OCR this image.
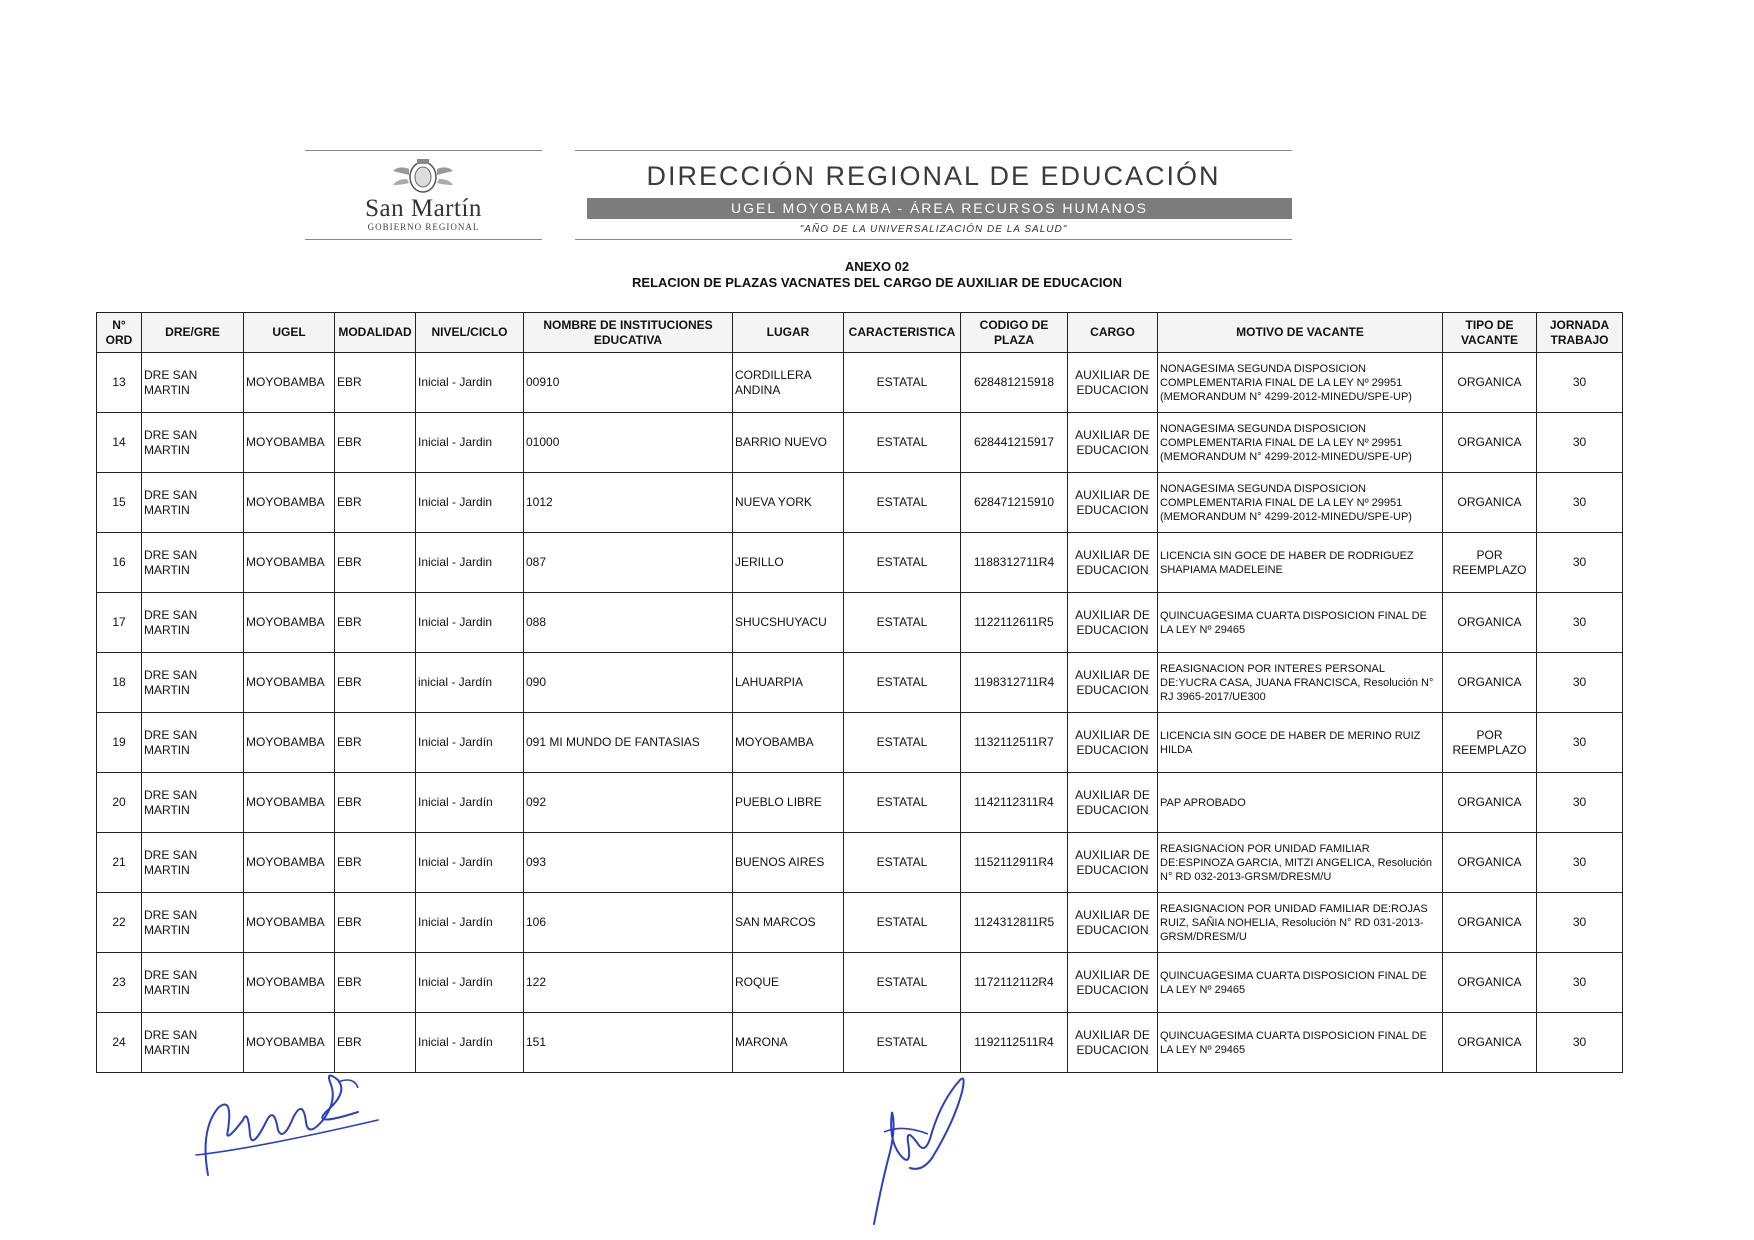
San Martín
GOBIERNO REGIONAL
DIRECCIÓN REGIONAL DE EDUCACIÓN
UGEL MOYOBAMBA - ÁREA RECURSOS HUMANOS
"AÑO DE LA UNIVERSALIZACIÓN DE LA SALUD"
ANEXO 02
RELACION DE PLAZAS VACNATES DEL CARGO DE AUXILIAR DE EDUCACION
N° ORD	DRE/GRE	UGEL	MODALIDAD	NIVEL/CICLO	NOMBRE DE INSTITUCIONES EDUCATIVA	LUGAR	CARACTERISTICA	CODIGO DE PLAZA	CARGO	MOTIVO DE VACANTE	TIPO DE VACANTE	JORNADA TRABAJO
13	DRE SAN MARTIN	MOYOBAMBA	EBR	Inicial - Jardin	00910	CORDILLERA ANDINA	ESTATAL	628481215918	AUXILIAR DE EDUCACION	NONAGESIMA SEGUNDA DISPOSICION COMPLEMENTARIA FINAL DE LA LEY Nº 29951 (MEMORANDUM N° 4299-2012-MINEDU/SPE-UP)	ORGANICA	30
14	DRE SAN MARTIN	MOYOBAMBA	EBR	Inicial - Jardin	01000	BARRIO NUEVO	ESTATAL	628441215917	AUXILIAR DE EDUCACION	NONAGESIMA SEGUNDA DISPOSICION COMPLEMENTARIA FINAL DE LA LEY Nº 29951 (MEMORANDUM N° 4299-2012-MINEDU/SPE-UP)	ORGANICA	30
15	DRE SAN MARTIN	MOYOBAMBA	EBR	Inicial - Jardin	1012	NUEVA YORK	ESTATAL	628471215910	AUXILIAR DE EDUCACION	NONAGESIMA SEGUNDA DISPOSICION COMPLEMENTARIA FINAL DE LA LEY Nº 29951 (MEMORANDUM N° 4299-2012-MINEDU/SPE-UP)	ORGANICA	30
16	DRE SAN MARTIN	MOYOBAMBA	EBR	Inicial - Jardin	087	JERILLO	ESTATAL	1188312711R4	AUXILIAR DE EDUCACION	LICENCIA SIN GOCE DE HABER DE RODRIGUEZ SHAPIAMA MADELEINE	POR REEMPLAZO	30
17	DRE SAN MARTIN	MOYOBAMBA	EBR	Inicial - Jardin	088	SHUCSHUYACU	ESTATAL	1122112611R5	AUXILIAR DE EDUCACION	QUINCUAGESIMA CUARTA DISPOSICION FINAL DE LA LEY Nº 29465	ORGANICA	30
18	DRE SAN MARTIN	MOYOBAMBA	EBR	inicial - Jardín	090	LAHUARPIA	ESTATAL	1198312711R4	AUXILIAR DE EDUCACION	REASIGNACION POR INTERES PERSONAL DE:YUCRA CASA, JUANA FRANCISCA, Resolución N° RJ 3965-2017/UE300	ORGANICA	30
19	DRE SAN MARTIN	MOYOBAMBA	EBR	Inicial - Jardín	091 MI MUNDO DE FANTASIAS	MOYOBAMBA	ESTATAL	1132112511R7	AUXILIAR DE EDUCACION	LICENCIA SIN GOCE DE HABER DE MERINO RUIZ HILDA	POR REEMPLAZO	30
20	DRE SAN MARTIN	MOYOBAMBA	EBR	Inicial - Jardín	092	PUEBLO LIBRE	ESTATAL	1142112311R4	AUXILIAR DE EDUCACION	PAP APROBADO	ORGANICA	30
21	DRE SAN MARTIN	MOYOBAMBA	EBR	Inicial - Jardín	093	BUENOS AIRES	ESTATAL	1152112911R4	AUXILIAR DE EDUCACION	REASIGNACION POR UNIDAD FAMILIAR DE:ESPINOZA GARCIA, MITZI ANGELICA, Resolución N° RD 032-2013-GRSM/DRESM/U	ORGANICA	30
22	DRE SAN MARTIN	MOYOBAMBA	EBR	Inicial - Jardín	106	SAN MARCOS	ESTATAL	1124312811R5	AUXILIAR DE EDUCACION	REASIGNACION POR UNIDAD FAMILIAR DE:ROJAS RUIZ, SAÑIA NOHELIA, Resolución N° RD 031-2013-GRSM/DRESM/U	ORGANICA	30
23	DRE SAN MARTIN	MOYOBAMBA	EBR	Inicial - Jardín	122	ROQUE	ESTATAL	1172112112R4	AUXILIAR DE EDUCACION	QUINCUAGESIMA CUARTA DISPOSICION FINAL DE LA LEY Nº 29465	ORGANICA	30
24	DRE SAN MARTIN	MOYOBAMBA	EBR	Inicial - Jardín	151	MARONA	ESTATAL	1192112511R4	AUXILIAR DE EDUCACION	QUINCUAGESIMA CUARTA DISPOSICION FINAL DE LA LEY Nº 29465	ORGANICA	30
